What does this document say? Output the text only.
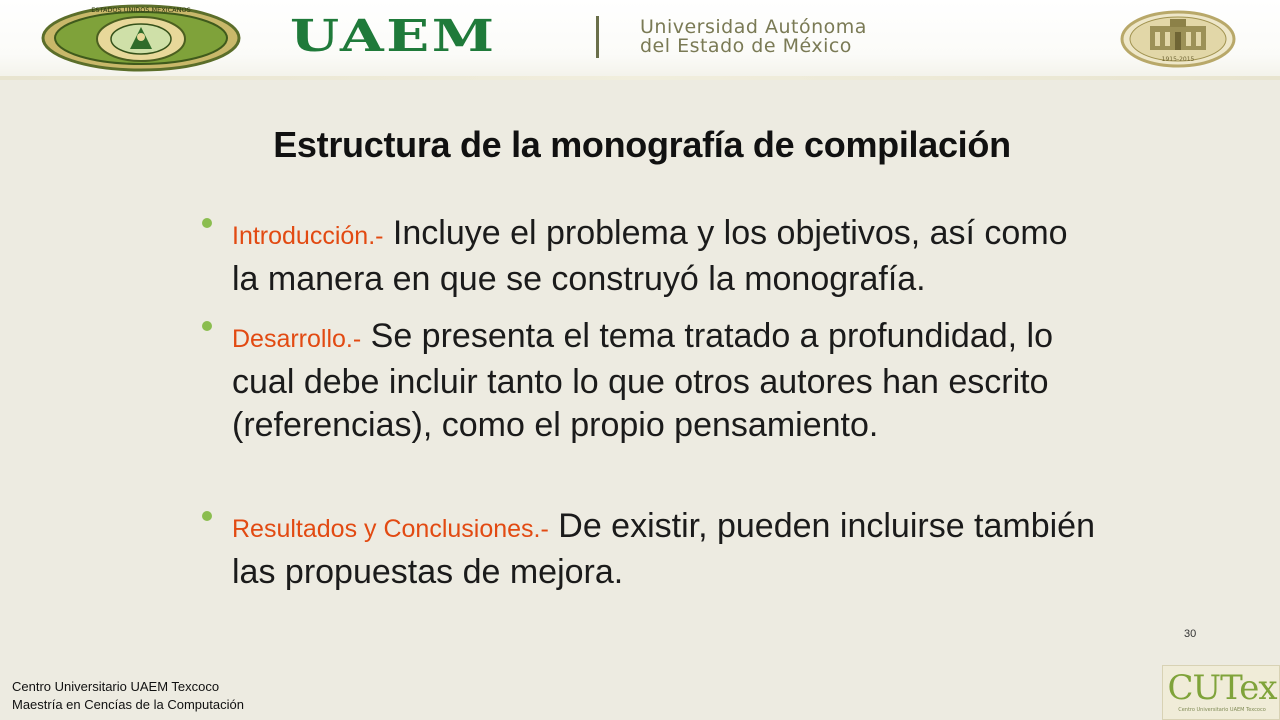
ESTADOS UNIDOS MEXICANOS
UAEM	Universidad Autónoma
del Estado de México
1915-2015
Estructura de la monografía de compilación
Introducción.- Incluye el problema y los objetivos, así como la manera en que se construyó la monografía.
Desarrollo.- Se presenta el tema tratado a profundidad, lo cual debe incluir tanto lo que otros autores han escrito (referencias), como el propio pensamiento.
Resultados y Conclusiones.- De existir, pueden incluirse también las propuestas de mejora.
30
Centro Universitario UAEM Texcoco
Maestría en Cencías de la Computación	CUTex
Centro Universitario UAEM Texcoco
